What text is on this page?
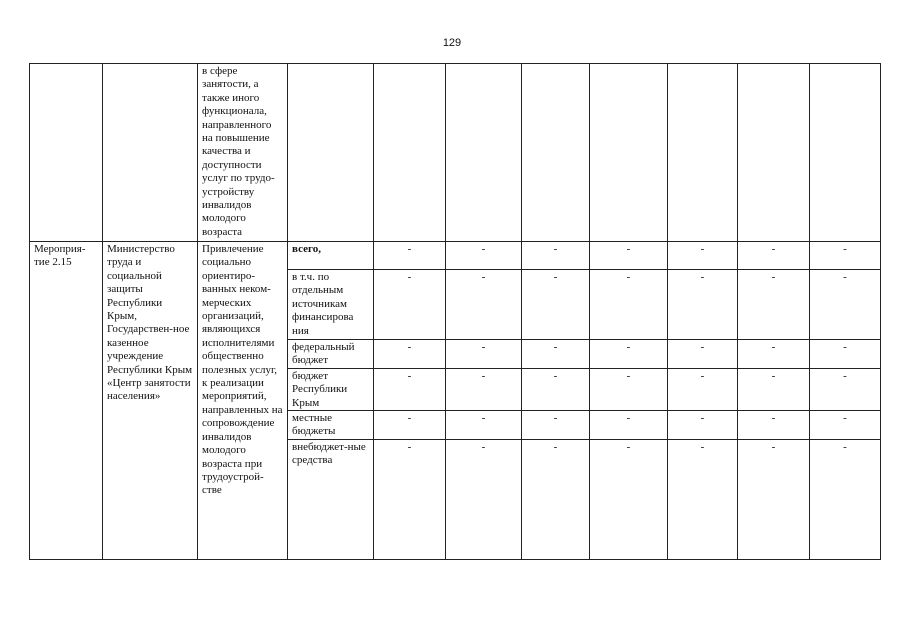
129
		в сфере занятости, а также иного функционала, направленного на повышение качества и доступности услуг по трудо-устройству инвалидов молодого возраста								
Мероприя-тие 2.15	Министерство труда и социальной защиты Республики Крым, Государствен-ное казенное учреждение Республики Крым «Центр занятости населения»	Привлечение социально ориентиро-ванных неком-мерческих организаций, являющихся исполнителями общественно полезных услуг, к реализации мероприятий, направленных на сопровождение инвалидов молодого возраста при трудоустрой-стве	всего,	-	-	-	-	-	-	-
			в т.ч. по отдельным источникам финансирова ния	-	-	-	-	-	-	-
			федеральный бюджет	-	-	-	-	-	-	-
			бюджет Республики Крым	-	-	-	-	-	-	-
			местные бюджеты	-	-	-	-	-	-	-
			внебюджет-ные средства	-	-	-	-	-	-	-
